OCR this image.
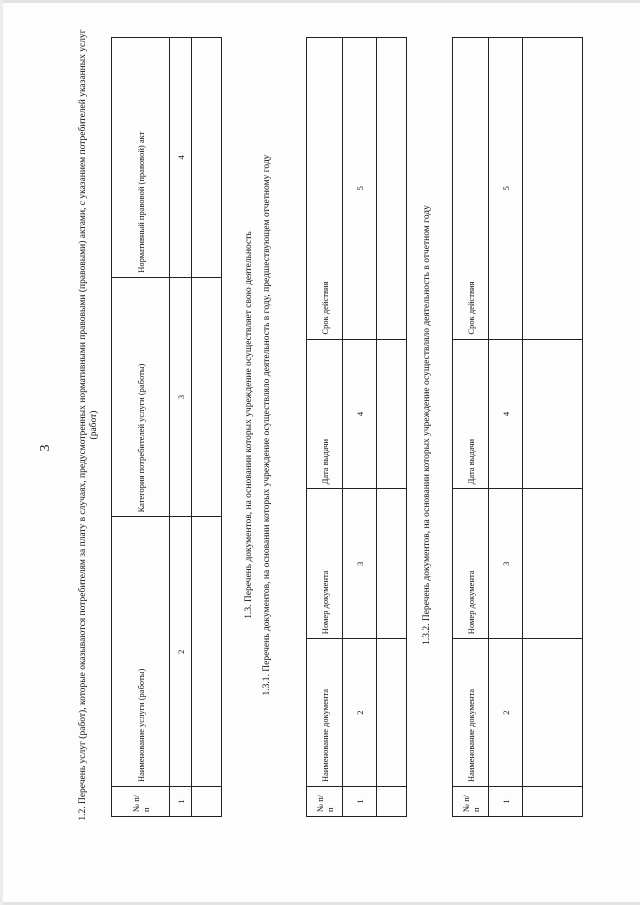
3	1.2. Перечень услуг (работ), которые оказываются потребителям за плату в случаях, предусмотренных нормативными правовыми (правовыми) актами, с указанием потребителей указанных услуг (работ)
№ п/п	Наименование услуги (работы)	Категория потребителей услуги (работы)	Нормативный правовой (правовой) акт
1	2	3	4

1.3. Перечень документов, на основании которых учреждение осуществляет свою деятельность 1.3.1. Перечень документов, на основании которых учреждение осуществляло деятельность в году, предшествующем отчетному году
№ п/п	Наименование документа	Номер документа	Дата выдачи	Срок действия
1	2	3	4	5

1.3.2. Перечень документов, на основании которых учреждение осуществляло деятельность в отчетном году
№ п/п	Наименование документа	Номер документа	Дата выдачи	Срок действия
1	2	3	4	5
